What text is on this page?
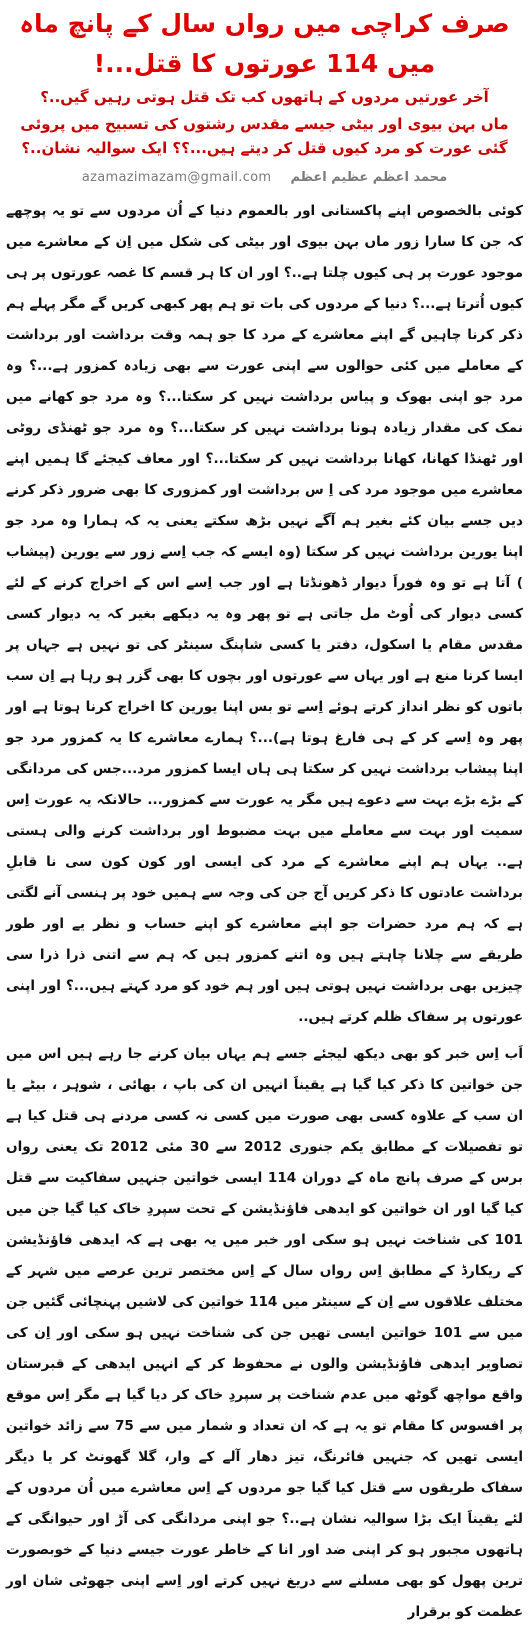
صرف کراچی میں رواں سال کے پانچ ماہ میں 114 عورتوں کا قتل...!
آخر عورتیں مردوں کے ہاتھوں کب تک قتل ہوتی رہیں گیں..؟
ماں بہن بیوی اور بیٹی جیسے مقدس رشتوں کی تسبیح میں پروئی گئی عورت کو مرد کیوں قتل کر دیتے ہیں...؟؟ ایک سوالیہ نشان..؟
azamazimazam@gmail.com محمد اعظم عظیم اعظم

کوئی بالخصوص اپنے پاکستانی اور بالعموم دنیا کے اُن مردوں سے تو یہ پوچھے کہ جن کا سارا زور ماں بہن بیوی اور بیٹی کی شکل میں اِن کے معاشرے میں موجود عورت پر ہی کیوں چلتا ہے..؟ اور ان کا ہر قسم کا غصہ عورتوں پر ہی کیوں اُترتا ہے...؟ دنیا کے مردوں کی بات تو ہم پھر کبھی کریں گے مگر پہلے ہم ذکر کرنا چاہیں گے اپنے معاشرے کے مرد کا جو ہمہ وقت برداشت اور برداشت کے معاملے میں کئی حوالوں سے اپنی عورت سے بھی زیادہ کمزور ہے...؟ وہ مرد جو اپنی بھوک و پیاس برداشت نہیں کر سکتا...؟ وہ مرد جو کھانے میں نمک کی مقدار زیادہ ہونا برداشت نہیں کر سکتا...؟ وہ مرد جو ٹھنڈی روٹی اور ٹھنڈا کھانا، کھانا برداشت نہیں کر سکتا...؟ اور معاف کیجئے گا ہمیں اپنے معاشرے میں موجود مرد کی اِ س برداشت اور کمزوری کا بھی ضرور ذکر کرنے دیں جسے بیان کئے بغیر ہم آگے نہیں بڑھ سکتے یعنی یہ کہ ہمارا وہ مرد جو اپنا یورین برداشت نہیں کر سکتا (وہ ایسے کہ جب اِسے زور سے یورین (پیشاب ) آتا ہے تو وہ فوراََ دیوار ڈھونڈتا ہے اور جب اِسے اس کے اخراج کرنے کے لئے کسی دیوار کی اُوٹ مل جاتی ہے تو پھر وہ یہ دیکھے بغیر کہ یہ دیوار کسی مقدس مقام یا اسکول، دفتر یا کسی شاپنگ سینٹر کی تو نہیں ہے جہاں پر ایسا کرنا منع ہے اور یہاں سے عورتوں اور بچوں کا بھی گزر ہو رہا ہے اِن سب باتوں کو نظر انداز کرتے ہوئے اِسے تو بس اپنا یورین کا اخراج کرنا ہوتا ہے اور پھر وہ اِسے کر کے ہی فارغ ہوتا ہے)...؟ ہمارے معاشرے کا یہ کمزور مرد جو اپنا پیشاب برداشت نہیں کر سکتا ہی ہاں ایسا کمزور مرد...جس کی مردانگی کے بڑے بڑے بہت سے دعوے ہیں مگر یہ عورت سے کمزور... حالانکہ یہ عورت اِس سمیت اور بہت سے معاملے میں بہت مضبوط اور برداشت کرنے والی ہستی ہے.. یہاں ہم اپنے معاشرے کے مرد کی ایسی اور کون کون سی نا قابلِ برداشت عادتوں کا ذکر کریں آج جن کی وجہ سے ہمیں خود پر ہنسی آنے لگتی ہے کہ ہم مرد حضرات جو اپنے معاشرے کو اپنے حساب و نظر یے اور طور طریقے سے چلانا چاہتے ہیں وہ اتنے کمزور ہیں کہ ہم سے اتنی ذرا ذرا سی چیزیں بھی برداشت نہیں ہوتی ہیں اور ہم خود کو مرد کہتے ہیں...؟ اور اپنی عورتوں پر سفاک ظلم کرتے ہیں..

اَب اِس خبر کو بھی دیکھ لیجئے جسے ہم یہاں بیان کرنے جا رہے ہیں اس میں جن خواتین کا ذکر کیا گیا ہے یقیناََ انہیں ان کی باپ ، بھائی ، شوہر ، بیٹے یا ان سب کے علاوہ کسی بھی صورت میں کسی نہ کسی مردنے ہی قتل کیا ہے تو تفصیلات کے مطابق یکم جنوری 2012 سے 30 مئی 2012 تک یعنی رواں برس کے صرف پانچ ماہ کے دوران 114 ایسی خواتین جنہیں سفاکیت سے قتل کیا گیا اور ان خواتین کو ایدھی فاؤنڈیشن کے تحت سپردِ خاک کیا گیا جن میں 101 کی شناخت نہیں ہو سکی اور خبر میں یہ بھی ہے کہ ایدھی فاؤنڈیشن کے ریکارڈ کے مطابق اِس رواں سال کے اِس مختصر ترین عرصے میں شہر کے مختلف علاقوں سے اِن کے سینٹر میں 114 خواتین کی لاشیں پہنچائی گئیں جن میں سے 101 خواتین ایسی تھیں جن کی شناخت نہیں ہو سکی اور اِن کی تصاویر ایدھی فاؤنڈیشن والوں نے محفوظ کر کے انہیں ایدھی کے قبرستان واقع مواچھ گوٹھ میں عدم شناخت پر سپردِ خاک کر دیا گیا ہے مگر اِس موقع پر افسوس کا مقام تو یہ ہے کہ ان تعداد و شمار میں سے 75 سے زائد خواتین ایسی تھیں کہ جنہیں فائرنگ، تیز دھار آلے کے وار، گلا گھونٹ کر یا دیگر سفاک طریقوں سے قتل کیا گیا جو مردوں کے اِس معاشرے میں اُن مردوں کے لئے یقیناََ ایک بڑا سوالیہ نشان ہے..؟ جو اپنی مردانگی کی آڑ اور حیوانگی کے ہاتھوں مجبور ہو کر اپنی ضد اور انا کے خاطر عورت جیسے دنیا کے خوبصورت ترین پھول کو بھی مسلنے سے دریغ نہیں کرتے اور اِسے اپنی جھوٹی شان اور عظمت کو برقرار
